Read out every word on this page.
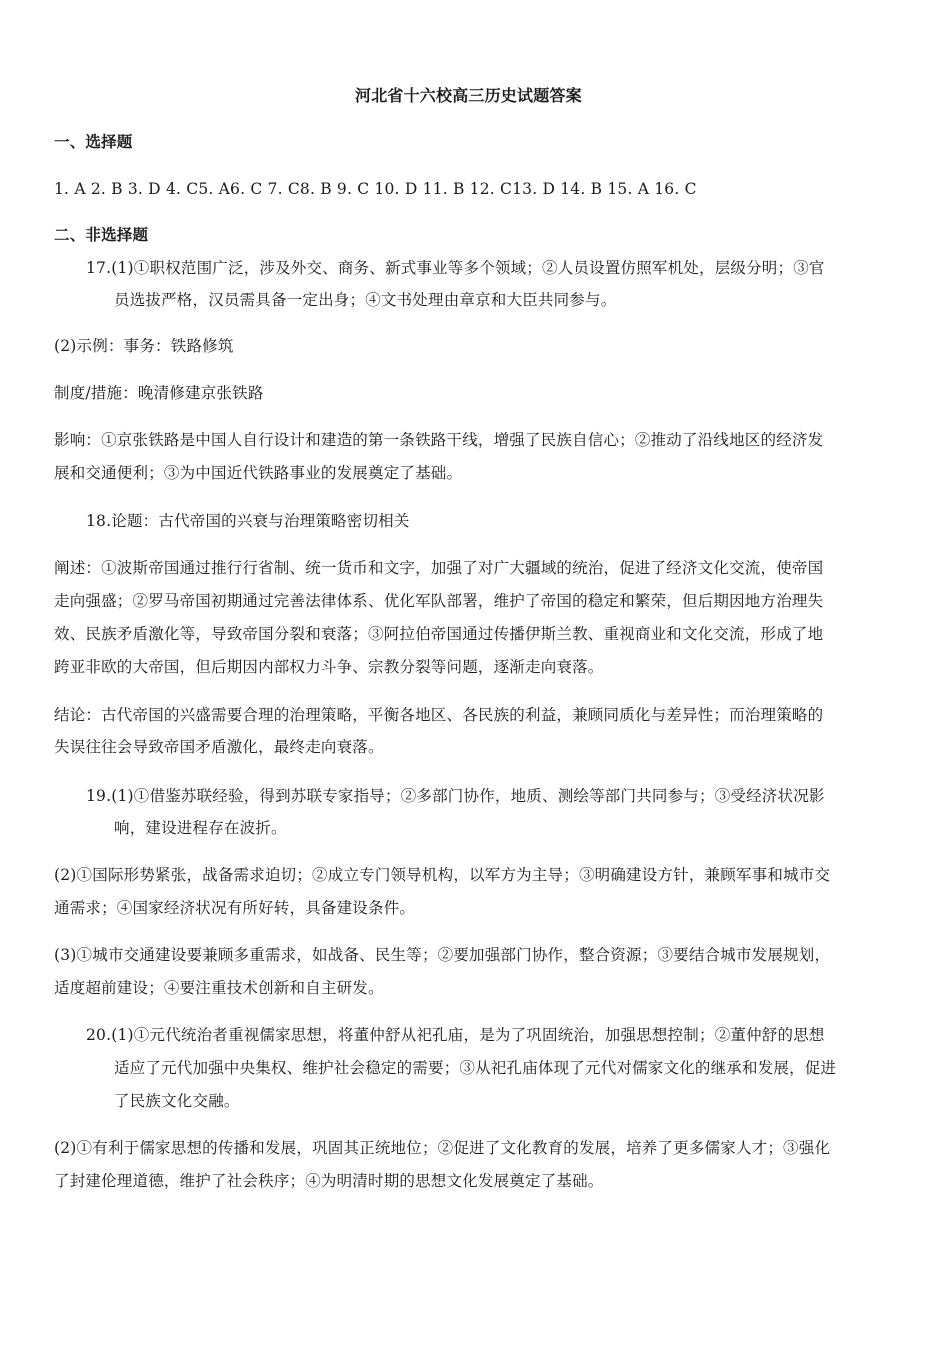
河北省十六校高三历史试题答案

一、选择题

1. A 2. B 3. D 4. C5. A6. C 7. C8. B 9. C 10. D 11. B 12. C13. D 14. B 15. A 16. C

二、非选择题

17.(1)①职权范围广泛，涉及外交、商务、新式事业等多个领域；②人员设置仿照军机处，层级分明；③官

员选拔严格，汉员需具备一定出身；④文书处理由章京和大臣共同参与。

(2)示例：事务：铁路修筑

制度/措施：晚清修建京张铁路

影响：①京张铁路是中国人自行设计和建造的第一条铁路干线，增强了民族自信心；②推动了沿线地区的经济发

展和交通便利；③为中国近代铁路事业的发展奠定了基础。

18.论题：古代帝国的兴衰与治理策略密切相关

阐述：①波斯帝国通过推行行省制、统一货币和文字，加强了对广大疆域的统治，促进了经济文化交流，使帝国

走向强盛；②罗马帝国初期通过完善法律体系、优化军队部署，维护了帝国的稳定和繁荣，但后期因地方治理失

效、民族矛盾激化等，导致帝国分裂和衰落；③阿拉伯帝国通过传播伊斯兰教、重视商业和文化交流，形成了地

跨亚非欧的大帝国，但后期因内部权力斗争、宗教分裂等问题，逐渐走向衰落。

结论：古代帝国的兴盛需要合理的治理策略，平衡各地区、各民族的利益，兼顾同质化与差异性；而治理策略的

失误往往会导致帝国矛盾激化，最终走向衰落。

19.(1)①借鉴苏联经验，得到苏联专家指导；②多部门协作，地质、测绘等部门共同参与；③受经济状况影

响，建设进程存在波折。

(2)①国际形势紧张，战备需求迫切；②成立专门领导机构，以军方为主导；③明确建设方针，兼顾军事和城市交

通需求；④国家经济状况有所好转，具备建设条件。

(3)①城市交通建设要兼顾多重需求，如战备、民生等；②要加强部门协作，整合资源；③要结合城市发展规划，

适度超前建设；④要注重技术创新和自主研发。

20.(1)①元代统治者重视儒家思想，将董仲舒从祀孔庙，是为了巩固统治，加强思想控制；②董仲舒的思想

适应了元代加强中央集权、维护社会稳定的需要；③从祀孔庙体现了元代对儒家文化的继承和发展，促进

了民族文化交融。

(2)①有利于儒家思想的传播和发展，巩固其正统地位；②促进了文化教育的发展，培养了更多儒家人才；③强化

了封建伦理道德，维护了社会秩序；④为明清时期的思想文化发展奠定了基础。
